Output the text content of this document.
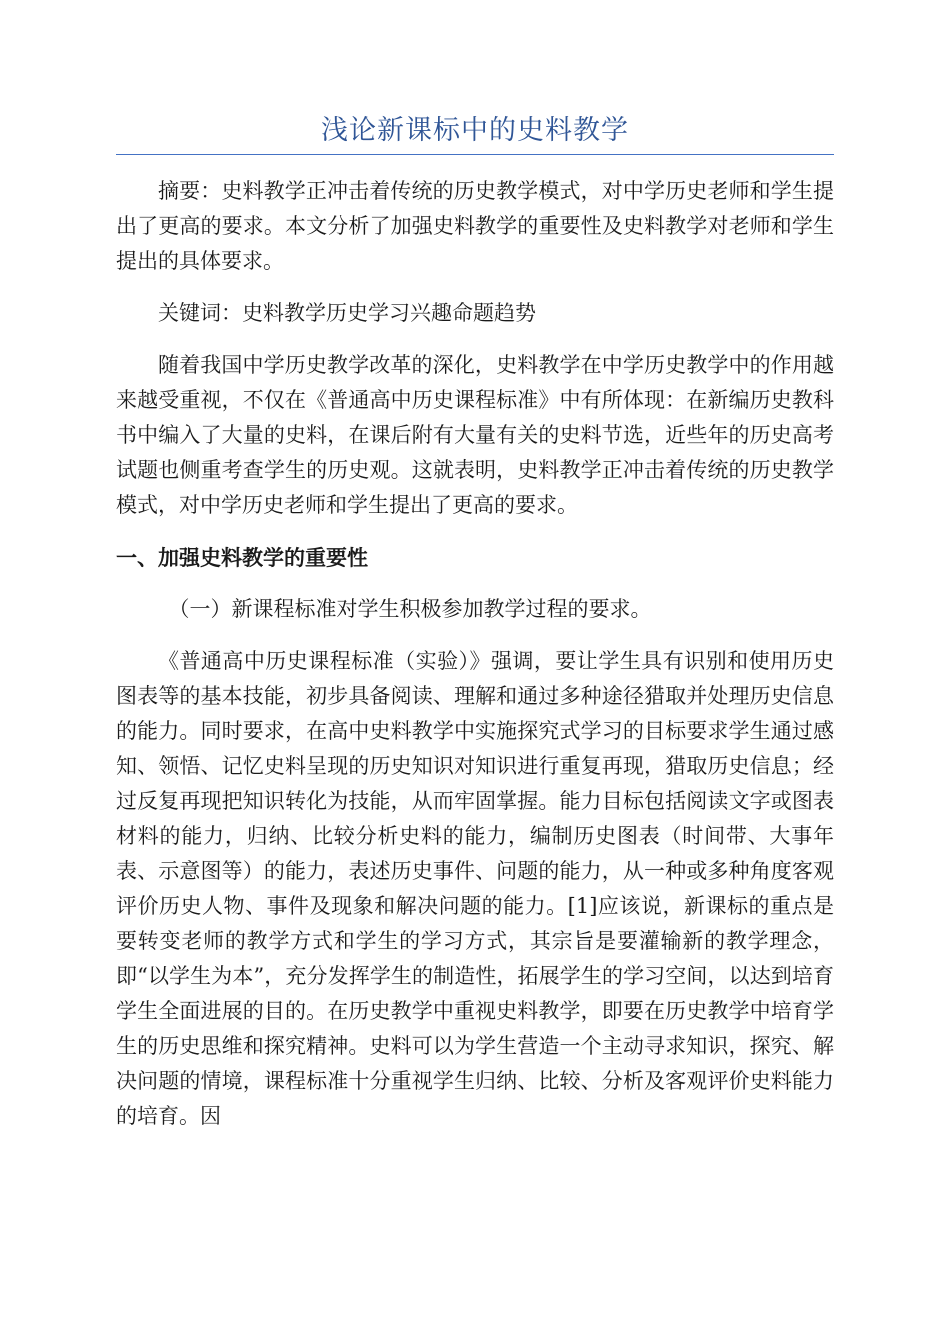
浅论新课标中的史料教学

摘要：史料教学正冲击着传统的历史教学模式，对中学历史老师和学生提出了更高的要求。本文分析了加强史料教学的重要性及史料教学对老师和学生提出的具体要求。

关键词：史料教学历史学习兴趣命题趋势

随着我国中学历史教学改革的深化，史料教学在中学历史教学中的作用越来越受重视，不仅在《普通高中历史课程标准》中有所体现：在新编历史教科书中编入了大量的史料，在课后附有大量有关的史料节选，近些年的历史高考试题也侧重考查学生的历史观。这就表明，史料教学正冲击着传统的历史教学模式，对中学历史老师和学生提出了更高的要求。

一、加强史料教学的重要性
（一）新课程标准对学生积极参加教学过程的要求。

《普通高中历史课程标准（实验）》强调，要让学生具有识别和使用历史图表等的基本技能，初步具备阅读、理解和通过多种途径猎取并处理历史信息的能力。同时要求，在高中史料教学中实施探究式学习的目标要求学生通过感知、领悟、记忆史料呈现的历史知识对知识进行重复再现，猎取历史信息；经过反复再现把知识转化为技能，从而牢固掌握。能力目标包括阅读文字或图表材料的能力，归纳、比较分析史料的能力，编制历史图表（时间带、大事年表、示意图等）的能力，表述历史事件、问题的能力，从一种或多种角度客观评价历史人物、事件及现象和解决问题的能力。[1]应该说，新课标的重点是要转变老师的教学方式和学生的学习方式，其宗旨是要灌输新的教学理念，即“以学生为本”，充分发挥学生的制造性，拓展学生的学习空间，以达到培育学生全面进展的目的。在历史教学中重视史料教学，即要在历史教学中培育学生的历史思维和探究精神。史料可以为学生营造一个主动寻求知识，探究、解决问题的情境，课程标准十分重视学生归纳、比较、分析及客观评价史料能力的培育。因
